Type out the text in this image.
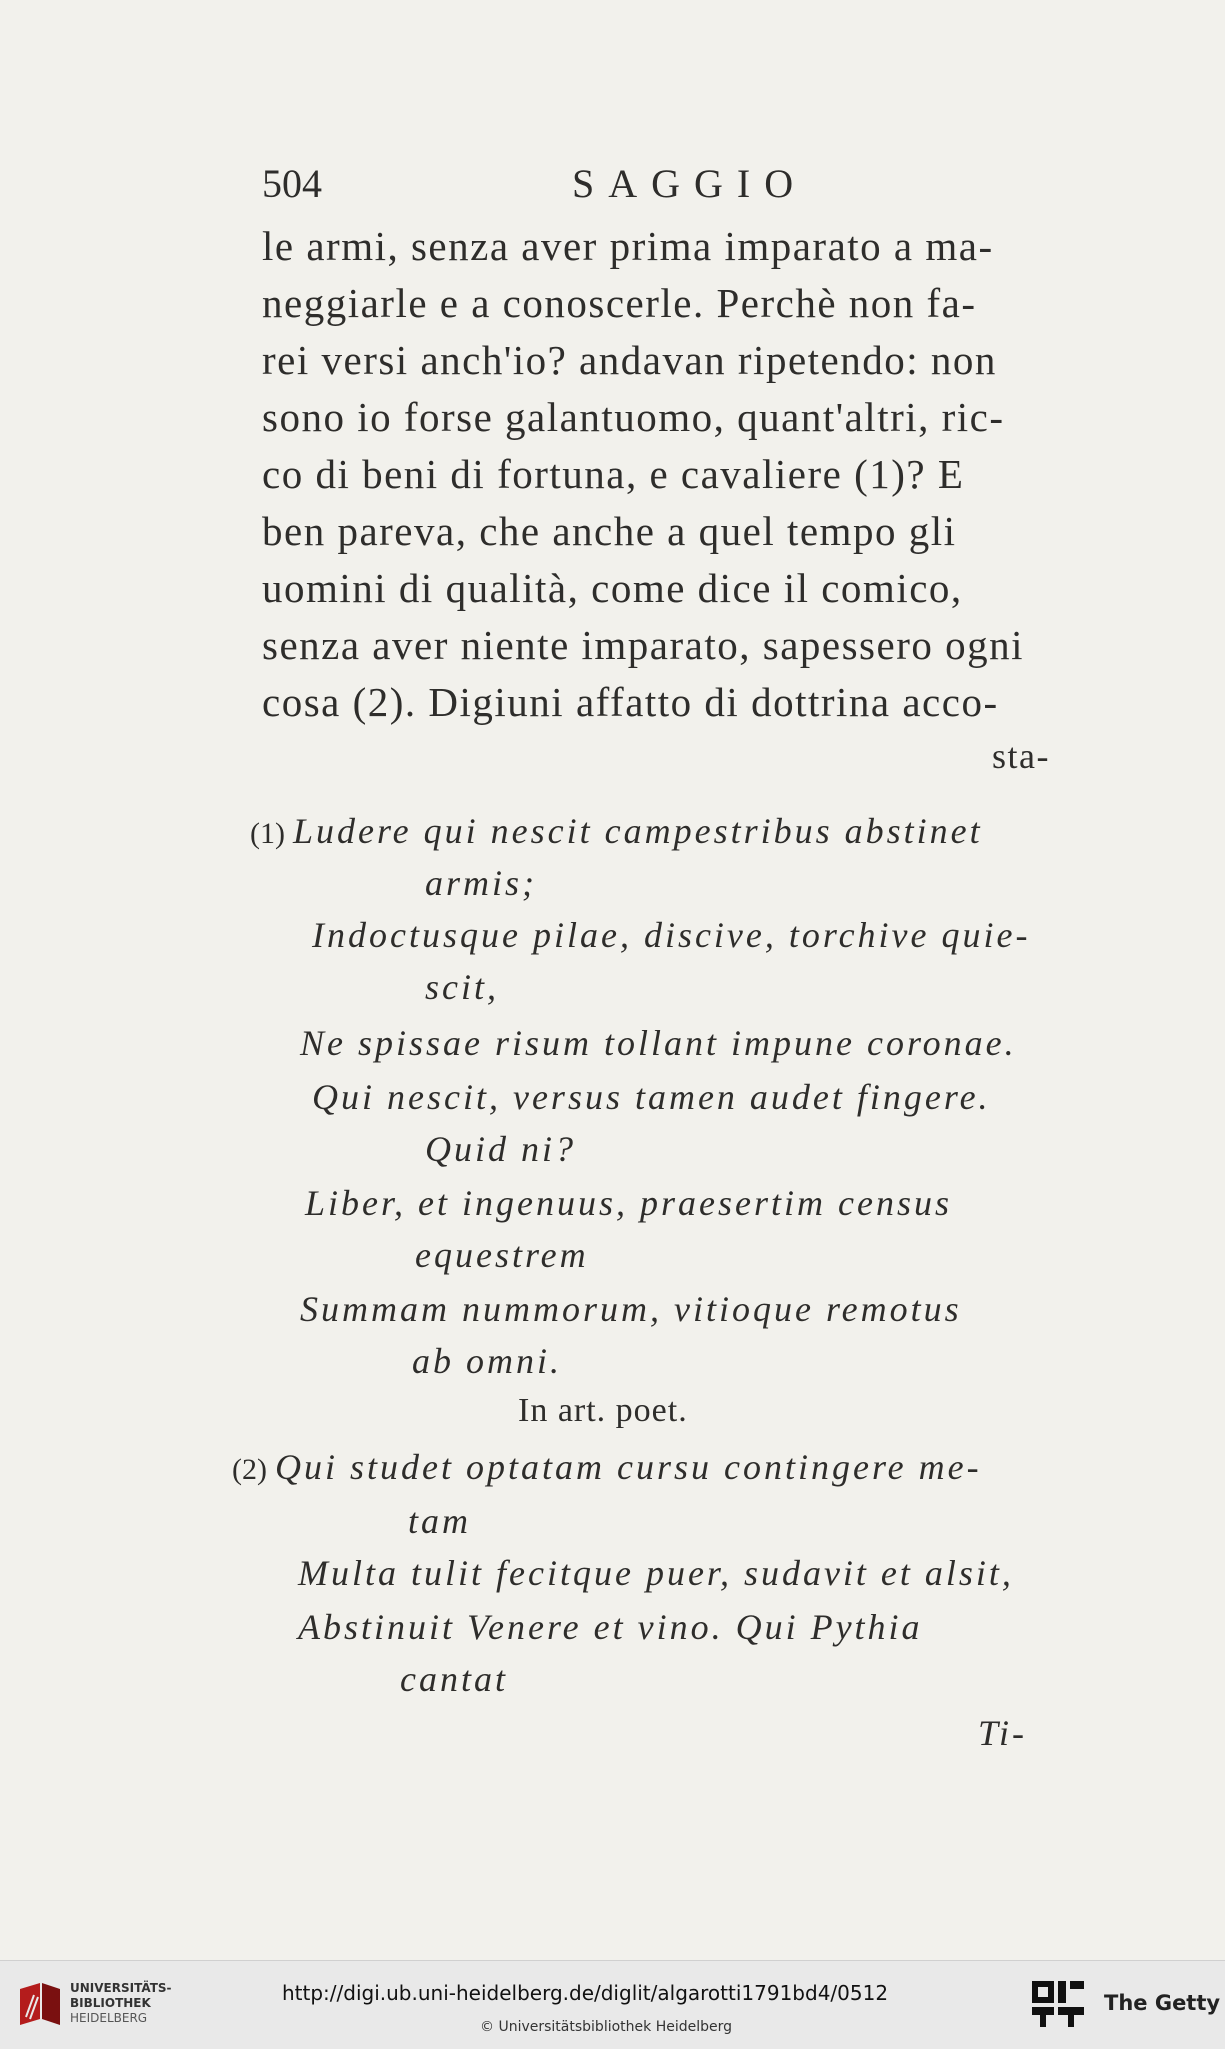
504	SAGGIO
le armi, senza aver prima imparato a ma-
neggiarle e a conoscerle. Perchè non fa-
rei versi anch'io? andavan ripetendo: non
sono io forse galantuomo, quant'altri, ric-
co di beni di fortuna, e cavaliere (1)? E
ben pareva, che anche a quel tempo gli
uomini di qualità, come dice il comico,
senza aver niente imparato, sapessero ogni
cosa (2). Digiuni affatto di dottrina acco-
sta-
(1) Ludere qui nescit campestribus abstinet
armis;
Indoctusque pilae, discive, torchive quie-
scit,
Ne spissae risum tollant impune coronae.
Qui nescit, versus tamen audet fingere.
Quid ni?
Liber, et ingenuus, praesertim census
equestrem
Summam nummorum, vitioque remotus
ab omni.
In art. poet.
(2) Qui studet optatam cursu contingere me-
tam
Multa tulit fecitque puer, sudavit et alsit,
Abstinuit Venere et vino. Qui Pythia
cantat
Ti-
UNIVERSITÄTS-
BIBLIOTHEK
HEIDELBERG
http://digi.ub.uni-heidelberg.de/diglit/algarotti1791bd4/0512
© Universitätsbibliothek Heidelberg
The Getty
